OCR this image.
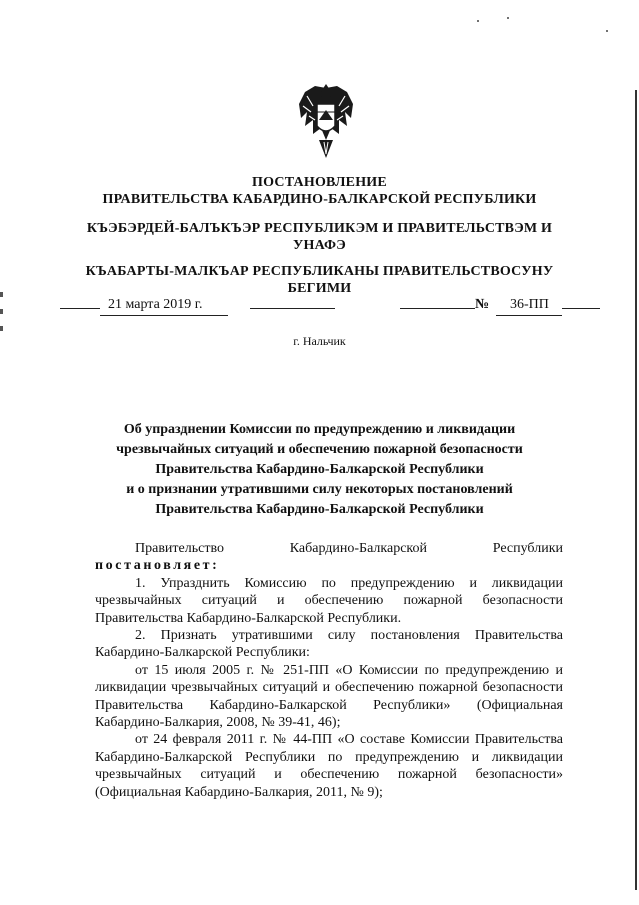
ПОСТАНОВЛЕНИЕ
ПРАВИТЕЛЬСТВА КАБАРДИНО-БАЛКАРСКОЙ РЕСПУБЛИКИ
КЪЭБЭРДЕЙ-БАЛЪКЪЭР РЕСПУБЛИКЭМ И ПРАВИТЕЛЬСТВЭМ И
УНАФЭ
КЪАБАРТЫ-МАЛКЪАР РЕСПУБЛИКАНЫ ПРАВИТЕЛЬСТВОСУНУ
БЕГИМИ
21 марта 2019 г.	№ 36-ПП
г. Нальчик
Об упразднении Комиссии по предупреждению и ликвидации
чрезвычайных ситуаций и обеспечению пожарной безопасности
Правительства Кабардино-Балкарской Республики
и о признании утратившими силу некоторых постановлений
Правительства Кабардино-Балкарской Республики
Правительство	Кабардино-Балкарской	Республики

постановляет:

1. Упразднить Комиссию по предупреждению и ликвидации чрезвычайных ситуаций и обеспечению пожарной безопасности Правительства Кабардино-Балкарской Республики.

2. Признать утратившими силу постановления Правительства Кабардино-Балкарской Республики:

от 15 июля 2005 г. № 251-ПП «О Комиссии по предупреждению и ликвидации чрезвычайных ситуаций и обеспечению пожарной безопасности Правительства Кабардино-Балкарской Республики» (Официальная Кабардино-Балкария, 2008, № 39-41, 46);

от 24 февраля 2011 г. № 44-ПП «О составе Комиссии Правительства Кабардино-Балкарской Республики по предупреждению и ликвидации чрезвычайных ситуаций и обеспечению пожарной безопасности» (Официальная Кабардино-Балкария, 2011, № 9);
